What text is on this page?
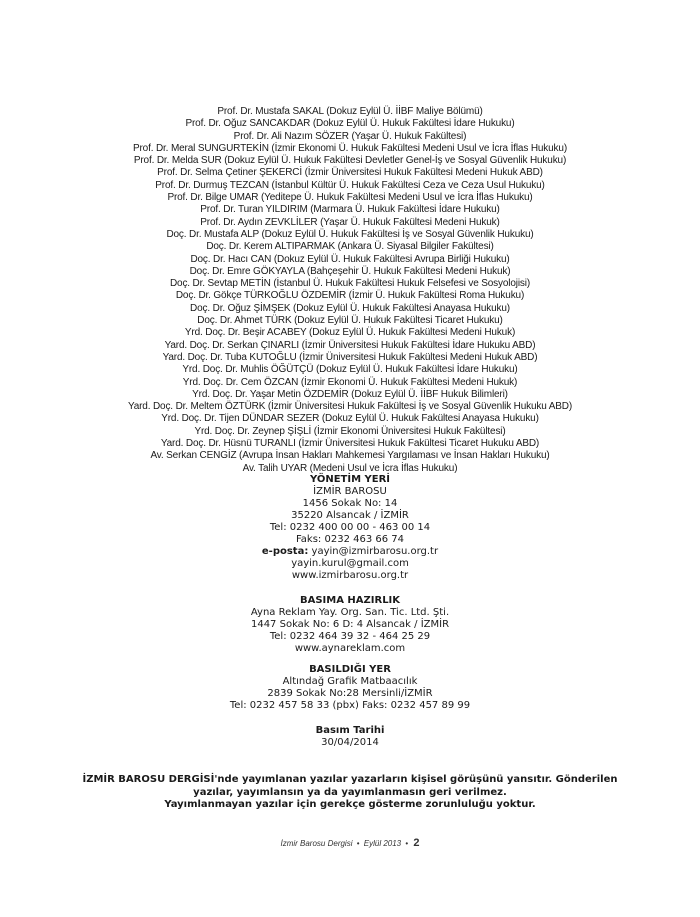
Prof. Dr. Mustafa SAKAL (Dokuz Eylül Ü. İİBF Maliye Bölümü)
Prof. Dr. Oğuz SANCAKDAR (Dokuz Eylül Ü. Hukuk Fakültesi İdare Hukuku)
Prof. Dr. Ali Nazım SÖZER (Yaşar Ü. Hukuk Fakültesi)
Prof. Dr. Meral SUNGURTEKİN (İzmir Ekonomi Ü. Hukuk Fakültesi Medeni Usul ve İcra İflas Hukuku)
Prof. Dr. Melda SUR (Dokuz Eylül Ü. Hukuk Fakültesi Devletler Genel-İş ve Sosyal Güvenlik Hukuku)
Prof. Dr. Selma Çetiner ŞEKERCİ (İzmir Üniversitesi Hukuk Fakültesi Medeni Hukuk ABD)
Prof. Dr. Durmuş TEZCAN (İstanbul Kültür Ü. Hukuk Fakültesi Ceza ve Ceza Usul Hukuku)
Prof. Dr. Bilge UMAR (Yeditepe Ü. Hukuk Fakültesi Medeni Usul ve İcra İflas Hukuku)
Prof. Dr. Turan YILDIRIM (Marmara Ü. Hukuk Fakültesi İdare Hukuku)
Prof. Dr. Aydın ZEVKLİLER (Yaşar Ü. Hukuk Fakültesi Medeni Hukuk)
Doç. Dr. Mustafa ALP (Dokuz Eylül Ü. Hukuk Fakültesi İş ve Sosyal Güvenlik Hukuku)
Doç. Dr. Kerem ALTIPARMAK (Ankara Ü. Siyasal Bilgiler Fakültesi)
Doç. Dr. Hacı CAN (Dokuz Eylül Ü. Hukuk Fakültesi Avrupa Birliği Hukuku)
Doç. Dr. Emre GÖKYAYLA (Bahçeşehir Ü. Hukuk Fakültesi Medeni Hukuk)
Doç. Dr. Sevtap METİN (İstanbul Ü. Hukuk Fakültesi Hukuk Felsefesi ve Sosyolojisi)
Doç. Dr. Gökçe TÜRKOĞLU ÖZDEMİR (İzmir Ü. Hukuk Fakültesi Roma Hukuku)
Doç. Dr. Oğuz ŞİMŞEK (Dokuz Eylül Ü. Hukuk Fakültesi Anayasa Hukuku)
Doç. Dr. Ahmet TÜRK (Dokuz Eylül Ü. Hukuk Fakültesi Ticaret Hukuku)
Yrd. Doç. Dr. Beşir ACABEY (Dokuz Eylül Ü. Hukuk Fakültesi Medeni Hukuk)
Yard. Doç. Dr. Serkan ÇINARLI (İzmir Üniversitesi Hukuk Fakültesi İdare Hukuku ABD)
Yard. Doç. Dr. Tuba KUTOĞLU (İzmir Üniversitesi Hukuk Fakültesi Medeni Hukuk ABD)
Yrd. Doç. Dr. Muhlis ÖĞÜTÇÜ (Dokuz Eylül Ü. Hukuk Fakültesi İdare Hukuku)
Yrd. Doç. Dr. Cem ÖZCAN (İzmir Ekonomi Ü. Hukuk Fakültesi Medeni Hukuk)
Yrd. Doç. Dr. Yaşar Metin ÖZDEMİR (Dokuz Eylül Ü. İİBF Hukuk Bilimleri)
Yard. Doç. Dr. Meltem ÖZTÜRK (İzmir Üniversitesi Hukuk Fakültesi İş ve Sosyal Güvenlik Hukuku ABD)
Yrd. Doç. Dr. Tijen DÜNDAR SEZER (Dokuz Eylül Ü. Hukuk Fakültesi Anayasa Hukuku)
Yrd. Doç. Dr. Zeynep ŞİŞLİ (İzmir Ekonomi Üniversitesi Hukuk Fakültesi)
Yard. Doç. Dr. Hüsnü TURANLI (İzmir Üniversitesi Hukuk Fakültesi Ticaret Hukuku ABD)
Av. Serkan CENGİZ (Avrupa İnsan Hakları Mahkemesi Yargılaması ve İnsan Hakları Hukuku)
Av. Talih UYAR (Medeni Usul ve İcra İflas Hukuku)
YÖNETİM YERİ
İZMİR BAROSU
1456 Sokak No: 14
35220 Alsancak / İZMİR
Tel: 0232 400 00 00 - 463 00 14
Faks: 0232 463 66 74
e-posta: yayin@izmirbarosu.org.tr
yayin.kurul@gmail.com
www.izmirbarosu.org.tr
BASIMA HAZIRLIK
Ayna Reklam Yay. Org. San. Tic. Ltd. Şti.
1447 Sokak No: 6 D: 4 Alsancak / İZMİR
Tel: 0232 464 39 32 - 464 25 29
www.aynareklam.com
BASILDIĞI YER
Altındağ Grafik Matbaacılık
2839 Sokak No:28 Mersinli/İZMİR
Tel: 0232 457 58 33 (pbx) Faks: 0232 457 89 99
Basım Tarihi
30/04/2014
İZMİR BAROSU DERGİSİ'nde yayımlanan yazılar yazarların kişisel görüşünü yansıtır. Gönderilen
yazılar, yayımlansın ya da yayımlanmasın geri verilmez.
Yayımlanmayan yazılar için gerekçe gösterme zorunluluğu yoktur.
İzmir Barosu Dergisi • Eylül 2013 • 2
